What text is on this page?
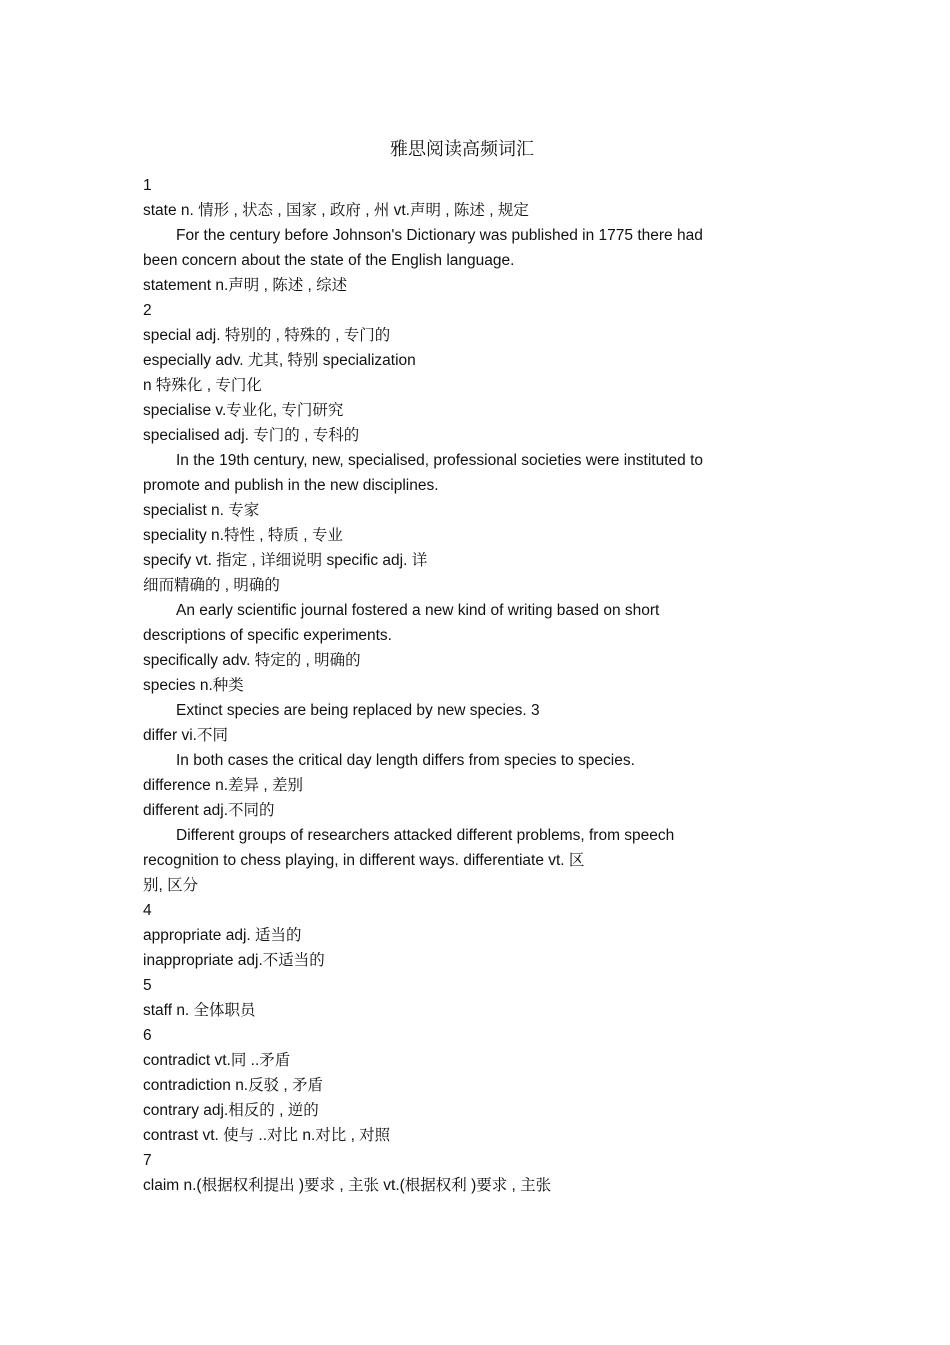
雅思阅读高频词汇
1
state n. 情形 , 状态 , 国家 , 政府 , 州 vt.声明 , 陈述 , 规定
For the century before Johnson's Dictionary was published in 1775 there had
been concern about the state of the English language.
statement n.声明 , 陈述 , 综述
2
special adj. 特别的 , 特殊的 , 专门的
especially adv. 尤其, 特别 specialization
n 特殊化 , 专门化
specialise v.专业化, 专门研究
specialised adj. 专门的 , 专科的
In the 19th century, new, specialised, professional societies were instituted to
promote and publish in the new disciplines.
specialist n. 专家
speciality n.特性 , 特质 , 专业
specify vt. 指定 , 详细说明 specific adj. 详
细而精确的 , 明确的
An early scientific journal fostered a new kind of writing based on short
descriptions of specific experiments.
specifically adv. 特定的 , 明确的
species n.种类
Extinct species are being replaced by new species. 3
differ vi.不同
In both cases the critical day length differs from species to species.
difference n.差异 , 差别
different adj.不同的
Different groups of researchers attacked different problems, from speech
recognition to chess playing, in different ways. differentiate vt. 区
别, 区分
4
appropriate adj. 适当的
inappropriate adj.不适当的
5
staff n. 全体职员
6
contradict vt.同 ..矛盾
contradiction n.反驳 , 矛盾
contrary adj.相反的 , 逆的
contrast vt. 使与 ..对比 n.对比 , 对照
7
claim n.(根据权利提出 )要求 , 主张 vt.(根据权利 )要求 , 主张
